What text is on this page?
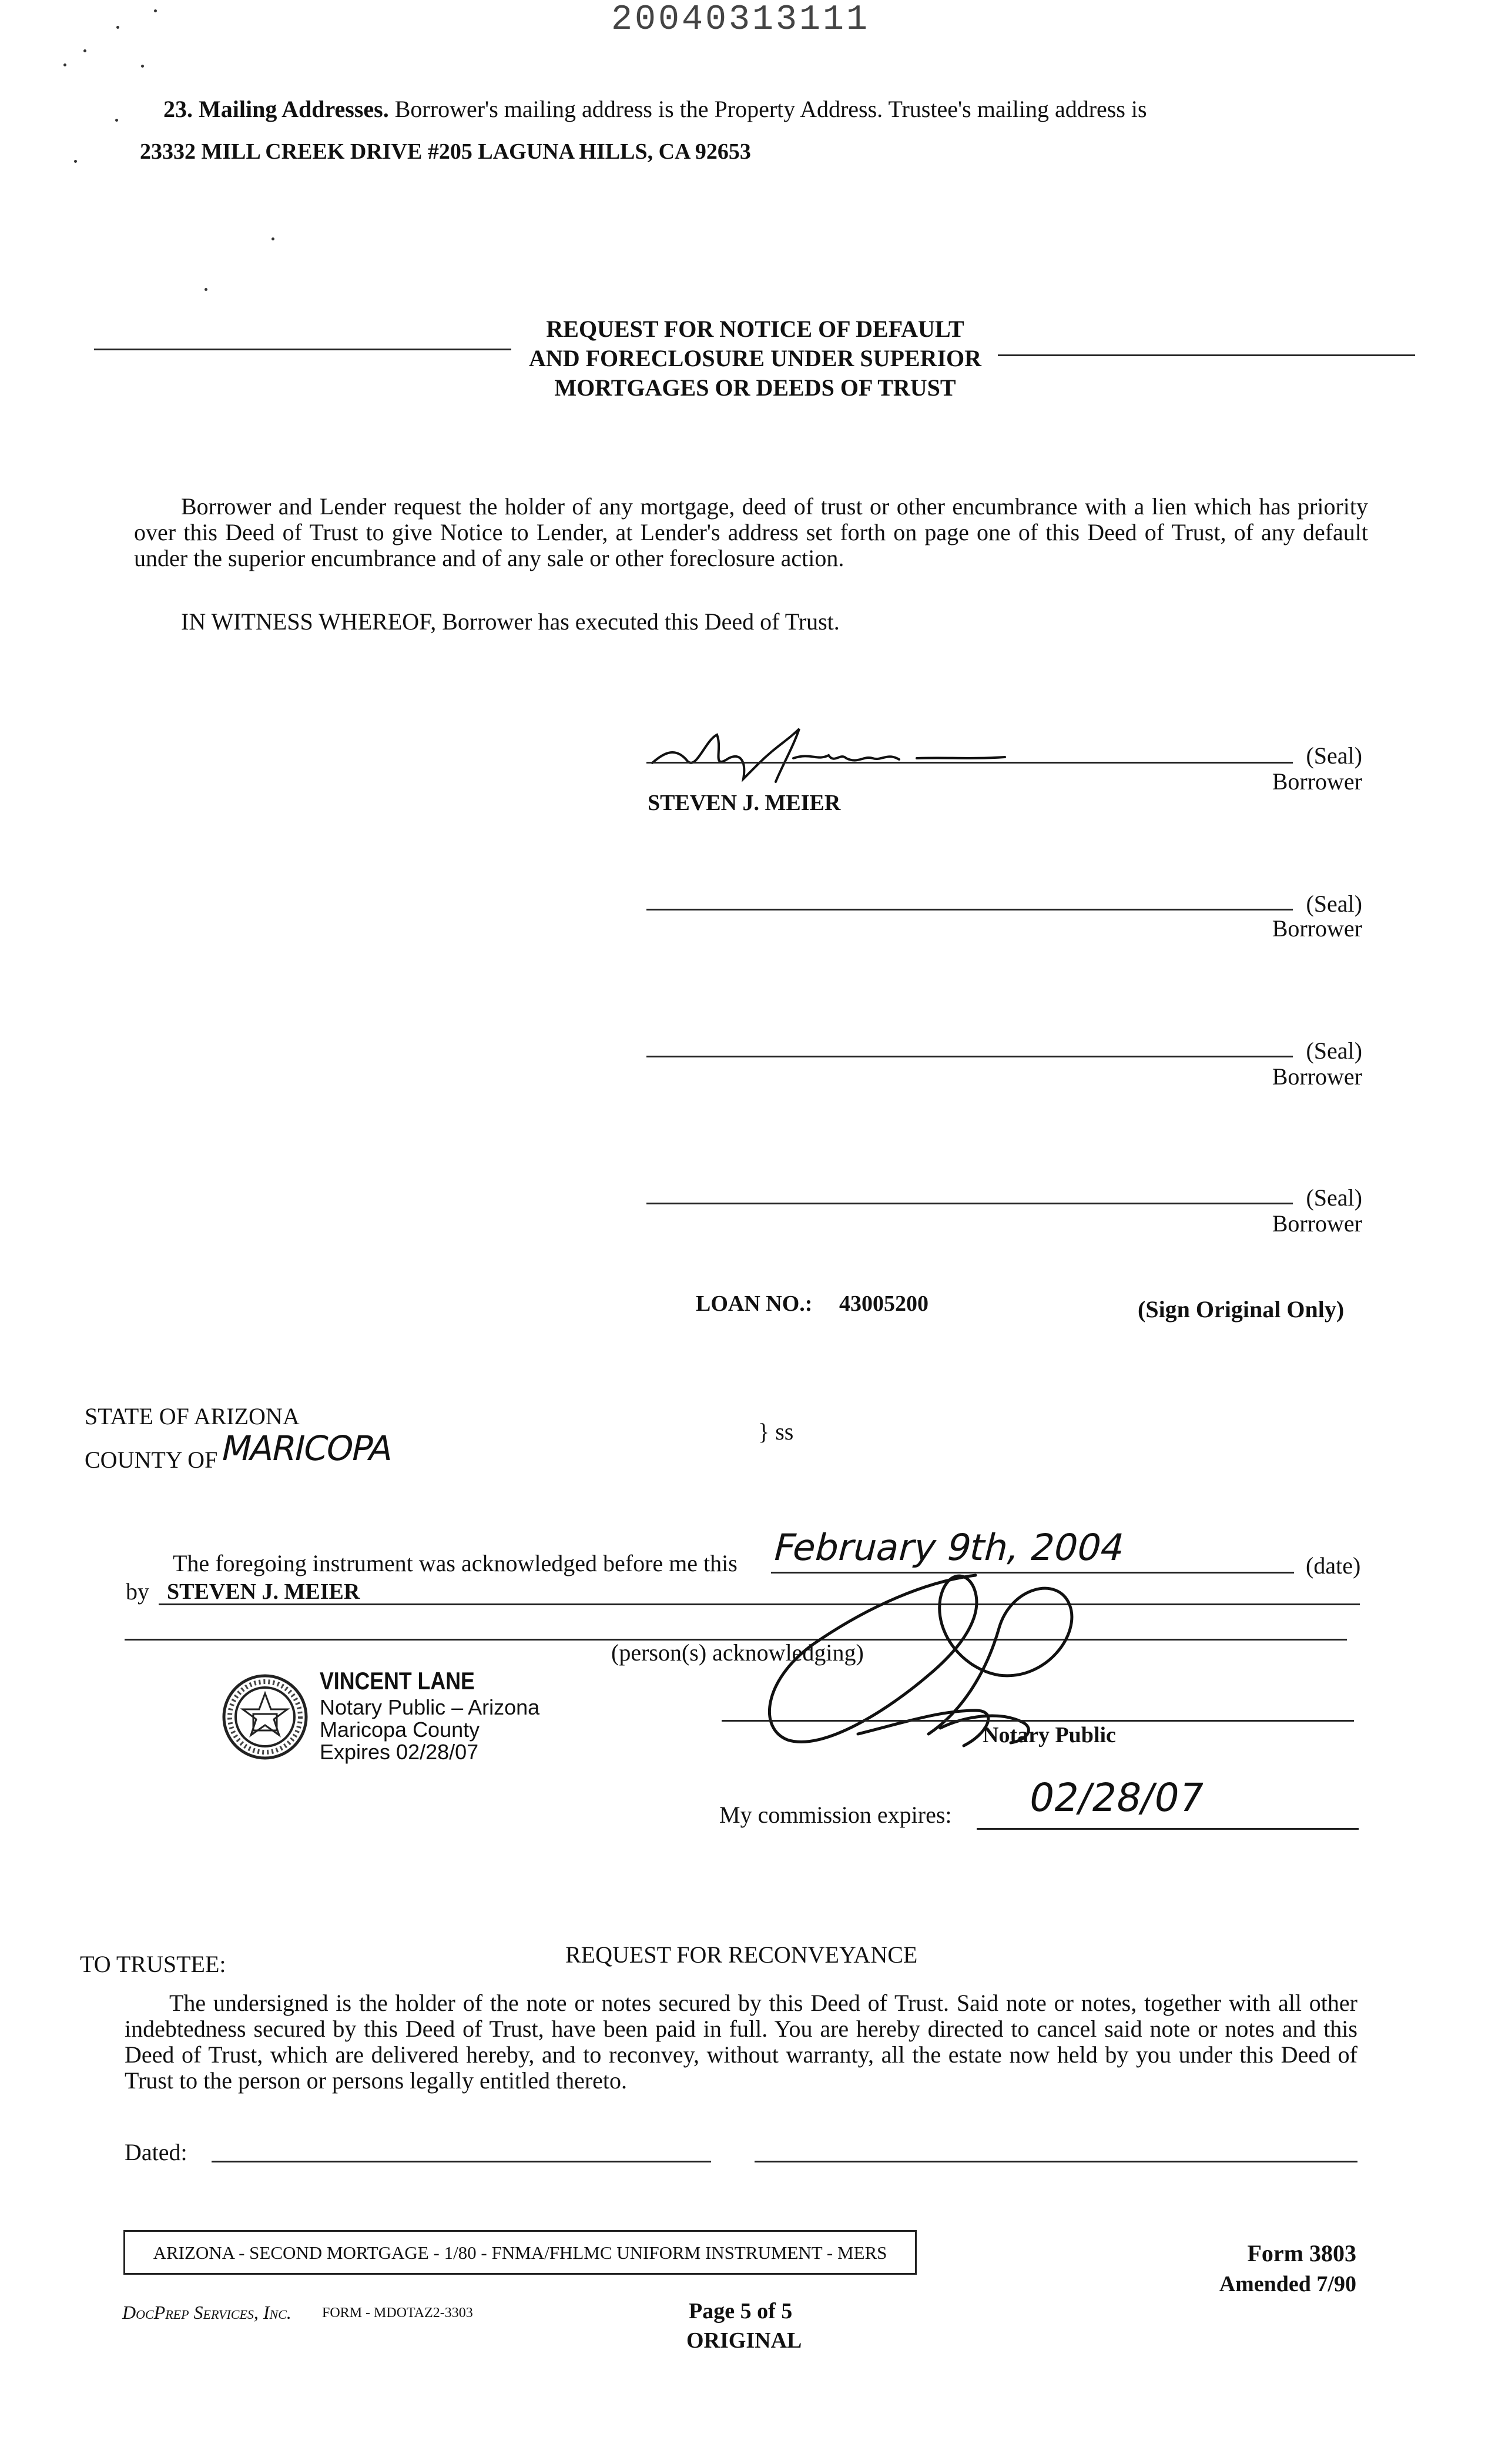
20040313111
23. Mailing Addresses. Borrower's mailing address is the Property Address. Trustee's mailing address is
23332 MILL CREEK DRIVE #205 LAGUNA HILLS, CA 92653
REQUEST FOR NOTICE OF DEFAULT
AND FORECLOSURE UNDER SUPERIOR
MORTGAGES OR DEEDS OF TRUST
Borrower and Lender request the holder of any mortgage, deed of trust or other encumbrance with a lien which has priority over this Deed of Trust to give Notice to Lender, at Lender's address set forth on page one of this Deed of Trust, of any default under the superior encumbrance and of any sale or other foreclosure action.
IN WITNESS WHEREOF, Borrower has executed this Deed of Trust.
(Seal)
Borrower
STEVEN J. MEIER
(Seal)
Borrower
(Seal)
Borrower
(Seal)
Borrower
LOAN NO.: 43005200	(Sign Original Only)
STATE OF ARIZONA
COUNTY OF MARICOPA	} ss
The foregoing instrument was acknowledged before me this February 9th, 2004	(date)
by STEVEN J. MEIER
(person(s) acknowledging)
VINCENT LANE
Notary Public – Arizona
Maricopa County
Expires 02/28/07
Notary Public
My commission expires: 02/28/07
TO TRUSTEE:	REQUEST FOR RECONVEYANCE
The undersigned is the holder of the note or notes secured by this Deed of Trust. Said note or notes, together with all other indebtedness secured by this Deed of Trust, have been paid in full. You are hereby directed to cancel said note or notes and this Deed of Trust, which are delivered hereby, and to reconvey, without warranty, all the estate now held by you under this Deed of Trust to the person or persons legally entitled thereto.
Dated:
ARIZONA - SECOND MORTGAGE - 1/80 - FNMA/FHLMC UNIFORM INSTRUMENT - MERS	Form 3803
Amended 7/90
DocPrep Services, Inc. FORM - MDOTAZ2-3303	Page 5 of 5
ORIGINAL
